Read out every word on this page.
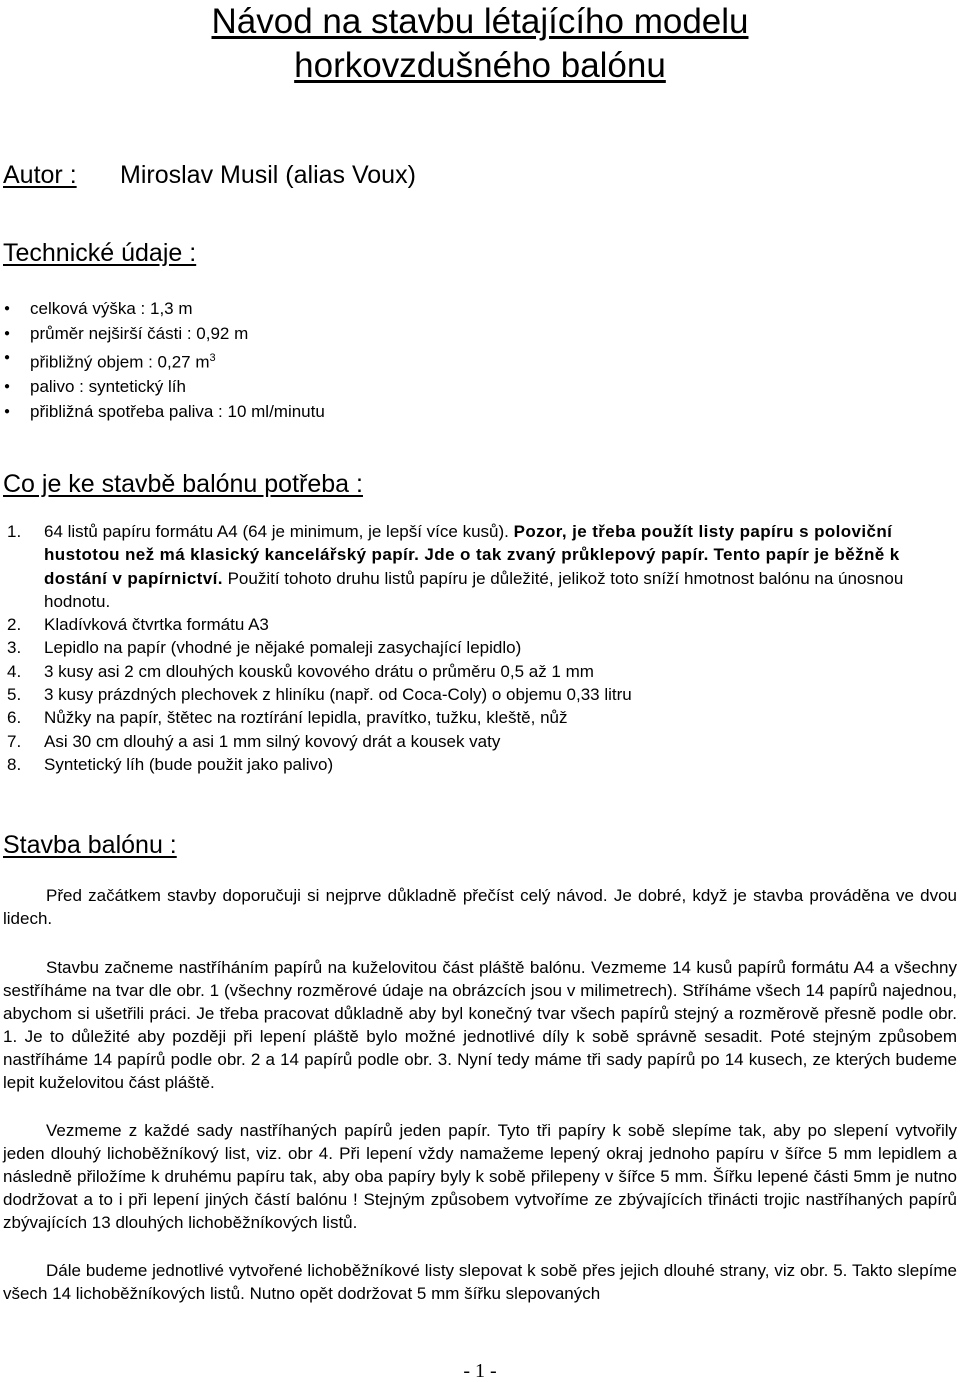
Návod na stavbu létajícího modelu
horkovzdušného balónu
Autor : Miroslav Musil (alias Voux)
Technické údaje :
● celková výška : 1,3 m
● průměr nejširší části : 0,92 m
● přibližný objem : 0,27 $m^3$
● palivo : syntetický líh
● přibližná spotřeba paliva : 10 ml/minutu
Co je ke stavbě balónu potřeba :
1. 64 listů papíru formátu A4 (64 je minimum, je lepší více kusů). Pozor, je třeba použít listy papíru s poloviční hustotou než má klasický kancelářský papír. Jde o tak zvaný průklepový papír. Tento papír je běžně k dostání v papírnictví. Použití tohoto druhu listů papíru je důležité, jelikož toto sníží hmotnost balónu na únosnou hodnotu.
2. Kladívková čtvrtka formátu A3
3. Lepidlo na papír (vhodné je nějaké pomaleji zasychající lepidlo)
4. 3 kusy asi 2 cm dlouhých kousků kovového drátu o průměru 0,5 až 1 mm
5. 3 kusy prázdných plechovek z hliníku (např. od Coca-Coly) o objemu 0,33 litru
6. Nůžky na papír, štětec na roztírání lepidla, pravítko, tužku, kleště, nůž
7. Asi 30 cm dlouhý a asi 1 mm silný kovový drát a kousek vaty
8. Syntetický líh (bude použit jako palivo)
Stavba balónu :

Před začátkem stavby doporučuji si nejprve důkladně přečíst celý návod. Je dobré, když je stavba prováděna ve dvou lidech.

Stavbu začneme nastříháním papírů na kuželovitou část pláště balónu. Vezmeme 14 kusů papírů formátu A4 a všechny sestříháme na tvar dle obr. 1 (všechny rozměrové údaje na obrázcích jsou v milimetrech). Stříháme všech 14 papírů najednou, abychom si ušetřili práci. Je třeba pracovat důkladně aby byl konečný tvar všech papírů stejný a rozměrově přesně podle obr. 1. Je to důležité aby později při lepení pláště bylo možné jednotlivé díly k sobě správně sesadit. Poté stejným způsobem nastříháme 14 papírů podle obr. 2 a 14 papírů podle obr. 3. Nyní tedy máme tři sady papírů po 14 kusech, ze kterých budeme lepit kuželovitou část pláště.

Vezmeme z každé sady nastříhaných papírů jeden papír. Tyto tři papíry k sobě slepíme tak, aby po slepení vytvořily jeden dlouhý lichoběžníkový list, viz. obr 4. Při lepení vždy namažeme lepený okraj jednoho papíru v šířce 5 mm lepidlem a následně přiložíme k druhému papíru tak, aby oba papíry byly k sobě přilepeny v šířce 5 mm. Šířku lepené části 5mm je nutno dodržovat a to i při lepení jiných částí balónu ! Stejným způsobem vytvoříme ze zbývajících třinácti trojic nastříhaných papírů zbývajících 13 dlouhých lichoběžníkových listů.

Dále budeme jednotlivé vytvořené lichoběžníkové listy slepovat k sobě přes jejich dlouhé strany, viz obr. 5. Takto slepíme všech 14 lichoběžníkových listů. Nutno opět dodržovat 5 mm šířku slepovaných

- 1 -
